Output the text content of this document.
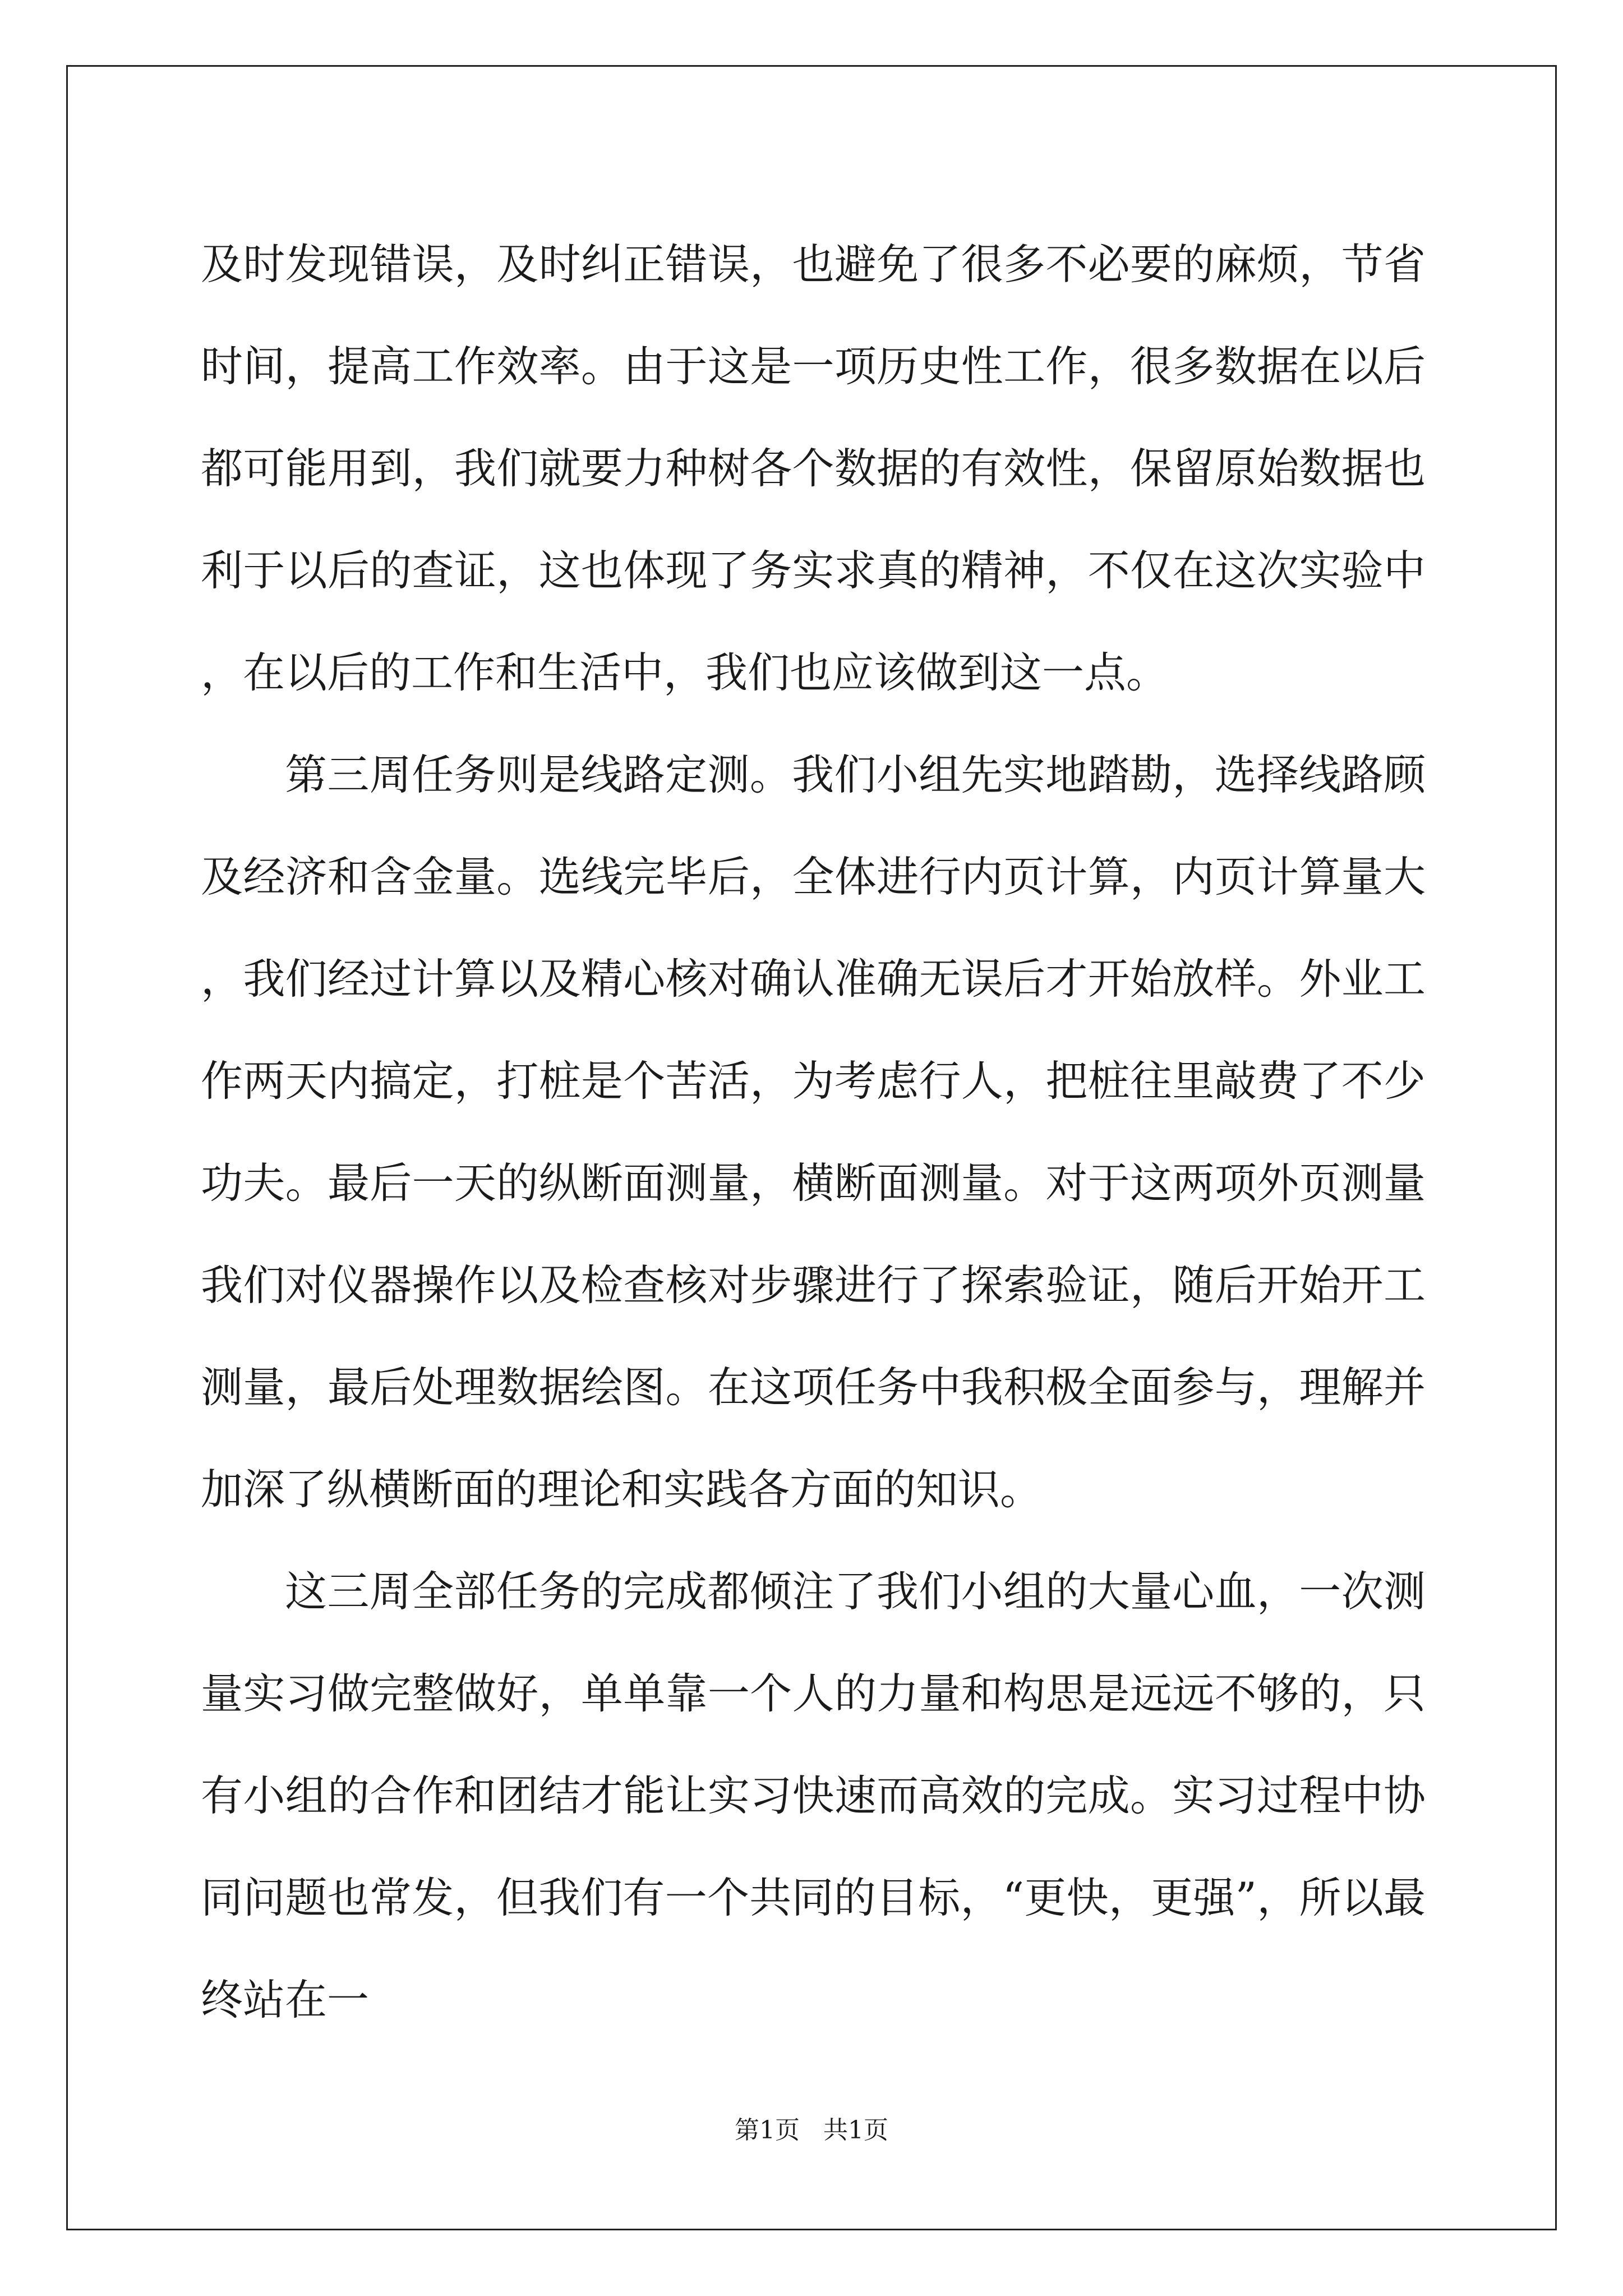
及时发现错误，及时纠正错误，也避免了很多不必要的麻烦，节省时间，提高工作效率。由于这是一项历史性工作，很多数据在以后都可能用到，我们就要力种树各个数据的有效性，保留原始数据也利于以后的查证，这也体现了务实求真的精神，不仅在这次实验中，在以后的工作和生活中，我们也应该做到这一点。

第三周任务则是线路定测。我们小组先实地踏勘，选择线路顾及经济和含金量。选线完毕后，全体进行内页计算，内页计算量大，我们经过计算以及精心核对确认准确无误后才开始放样。外业工作两天内搞定，打桩是个苦活，为考虑行人，把桩往里敲费了不少功夫。最后一天的纵断面测量，横断面测量。对于这两项外页测量我们对仪器操作以及检查核对步骤进行了探索验证，随后开始开工测量，最后处理数据绘图。在这项任务中我积极全面参与，理解并加深了纵横断面的理论和实践各方面的知识。

这三周全部任务的完成都倾注了我们小组的大量心血，一次测量实习做完整做好，单单靠一个人的力量和构思是远远不够的，只有小组的合作和团结才能让实习快速而高效的完成。实习过程中协同问题也常发，但我们有一个共同的目标，“更快，更强”，所以最终站在一

第1页   共1页
